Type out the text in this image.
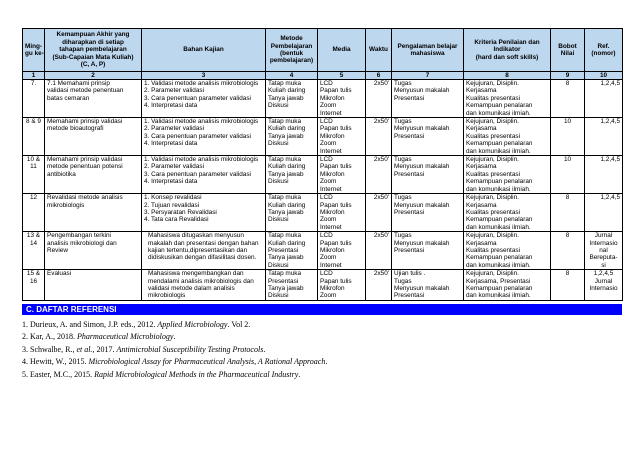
Ming-
gu ke-	Kemampuan Akhir yang
diharapkan di setiap
tahapan pembelajaran
(Sub-Capaian Mata Kuliah)
(C, A, P)	Bahan Kajian	Metode
Pembelajaran
(bentuk
pembelajaran)	Media	Waktu	Pengalaman belajar
mahasiswa	Kriteria Penilaian dan
Indikator
(hard dan soft skills)	Bobot
Nilai	Ref.
(nomor)

1	2	3	4	5	6	7	8	9	10

7.	7.1 Memahami prinsip
validasi metode penentuan
batas cemaran	1. Validasi metode analisis mikrobiologis
2. Parameter validasi
3. Cara penentuan parameter validasi
4. Interpretasi data	Tatap muka
Kuliah daring
Tanya jawab
Diskusi	LCD
Papan tulis
Mikrofon
Zoom
Internet	2x50'	Tugas
Menyusun makalah
Presentasi	Kejujuran, Disiplin.
Kerjasama
Kualitas presentasi
Kemampuan penalaran
dan komunikasi ilmiah.	8	1,2,4,5

8 & 9	Memahami prinsip validasi
metode bioautografi	1. Validasi metode analisis mikrobiologis
2. Parameter validasi
3. Cara penentuan parameter validasi
4. Interpretasi data	Tatap muka
Kuliah daring
Tanya jawab
Diskusi	LCD
Papan tulis
Mikrofon
Zoom
Internet	2x50'	Tugas
Menyusun makalah
Presentasi	Kejujuran, Disiplin.
Kerjasama
Kualitas presentasi
Kemampuan penalaran
dan komunikasi ilmiah.	10	1,2,4,5

10 &
11	Memahami prinsip validasi
metode penentuan potensi
antibiotika	1. Validasi metode analisis mikrobiologis
2. Parameter validasi
3. Cara penentuan parameter validasi
4. Interpretasi data	Tatap muka
Kuliah daring
Tanya jawab
Diskusi	LCD
Papan tulis
Mikrofon
Zoom
Internet	2x50'	Tugas
Menyusun makalah
Presentasi	Kejujuran, Disiplin.
Kerjasama
Kualitas presentasi
Kemampuan penalaran
dan komunikasi ilmiah.	10	1,2,4,5

12	Revalidasi metode analisis
mikrobiologis	1. Konsep revalidasi
2. Tujuan revalidasi
3. Persyaratan Revalidasi
4. Tata cara Revalidasi	Tatap muka
Kuliah daring
Tanya jawab
Diskusi	LCD
Papan tulis
Mikrofon
Zoom
Internet	2x50'	Tugas
Menyusun makalah
Presentasi	Kejujuran, Disiplin.
Kerjasama
Kualitas presentasi
Kemampuan penalaran
dan komunikasi ilmiah.	8	1,2,4,5

13 &
14	Pengembangan terkini
analisis mikrobiologi dan
Review	Mahasiswa ditugaskan menyusun
makalah dan presentasi dengan bahan
kajian tertentu,dipresentasikan dan
didiskusikan dengan difasilitasi dosen.	Tatap muka
Kuliah daring
Presentasi
Tanya jawab
Diskusi	LCD
Papan tulis
Mikrofon
Zoom
Internet	2x50'	Tugas
Menyusun makalah
Presentasi	Kejujuran, Disiplin.
Kerjasama
Kualitas presentasi
Kemampuan penalaran
dan komunikasi ilmiah.	8	Jurnal
Internasio
nal
Bereputa-
si

15 &
16	Evaluasi	Mahasiswa mengembangkan dan
mendalami analisis mikrobiologis dan
validasi metode dalam analisis
mikrobiologis	Tatap muka
Presentasi
Tanya jawab
Diskusi	LCD
Papan tulis
Mikrofon
Zoom	2x50'	Ujian tulis .
Tugas
Menyusun makalah
Presentasi	Kejujuran, Disiplin.
Kerjasama, Presentasi
Kemampuan penalaran
dan komunikasi ilmiah.	8	1,2,4,5
Jurnal
Internasio
C. DAFTAR REFERENSI
1. Durieux, A. and Simon, J.P. eds., 2012. Applied Microbiology. Vol 2.
2. Kar, A., 2018. Pharmaceutical Microbiology.
3. Schwalbe, R., et al., 2017. Antimicrobial Susceptibility Testing Protocols.
4. Hewitt, W., 2015. Microbiological Assay for Pharmaceutical Analysis, A Rational Approach.
5. Easter, M.C., 2015. Rapid Microbiological Methods in the Pharmaceutical Industry.
